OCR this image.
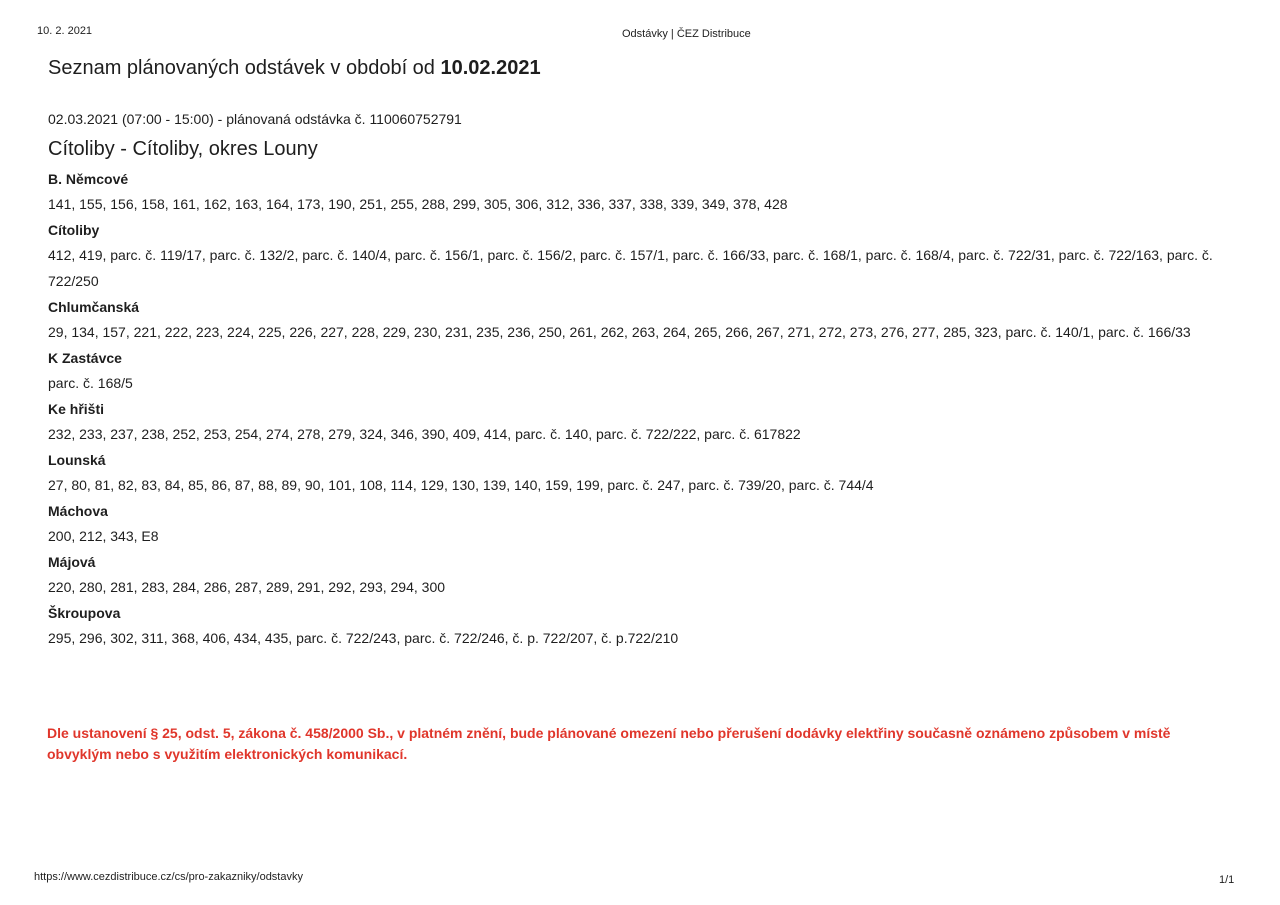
10. 2. 2021	Odstávky | ČEZ Distribuce
Seznam plánovaných odstávek v období od 10.02.2021
02.03.2021 (07:00 - 15:00) - plánovaná odstávka č. 110060752791
Cítoliby - Cítoliby, okres Louny
B. Němcové
141, 155, 156, 158, 161, 162, 163, 164, 173, 190, 251, 255, 288, 299, 305, 306, 312, 336, 337, 338, 339, 349, 378, 428
Cítoliby
412, 419, parc. č. 119/17, parc. č. 132/2, parc. č. 140/4, parc. č. 156/1, parc. č. 156/2, parc. č. 157/1, parc. č. 166/33, parc. č. 168/1, parc. č. 168/4, parc. č. 722/31, parc. č. 722/163, parc. č. 722/250
Chlumčanská
29, 134, 157, 221, 222, 223, 224, 225, 226, 227, 228, 229, 230, 231, 235, 236, 250, 261, 262, 263, 264, 265, 266, 267, 271, 272, 273, 276, 277, 285, 323, parc. č. 140/1, parc. č. 166/33
K Zastávce
parc. č. 168/5
Ke hřišti
232, 233, 237, 238, 252, 253, 254, 274, 278, 279, 324, 346, 390, 409, 414, parc. č. 140, parc. č. 722/222, parc. č. 617822
Lounská
27, 80, 81, 82, 83, 84, 85, 86, 87, 88, 89, 90, 101, 108, 114, 129, 130, 139, 140, 159, 199, parc. č. 247, parc. č. 739/20, parc. č. 744/4
Máchova
200, 212, 343, E8
Májová
220, 280, 281, 283, 284, 286, 287, 289, 291, 292, 293, 294, 300
Škroupova
295, 296, 302, 311, 368, 406, 434, 435, parc. č. 722/243, parc. č. 722/246, č. p. 722/207, č. p.722/210
Dle ustanovení § 25, odst. 5, zákona č. 458/2000 Sb., v platném znění, bude plánované omezení nebo přerušení dodávky elektřiny současně oznámeno způsobem v místě obvyklým nebo s využitím elektronických komunikací.
https://www.cezdistribuce.cz/cs/pro-zakazniky/odstavky	1/1
